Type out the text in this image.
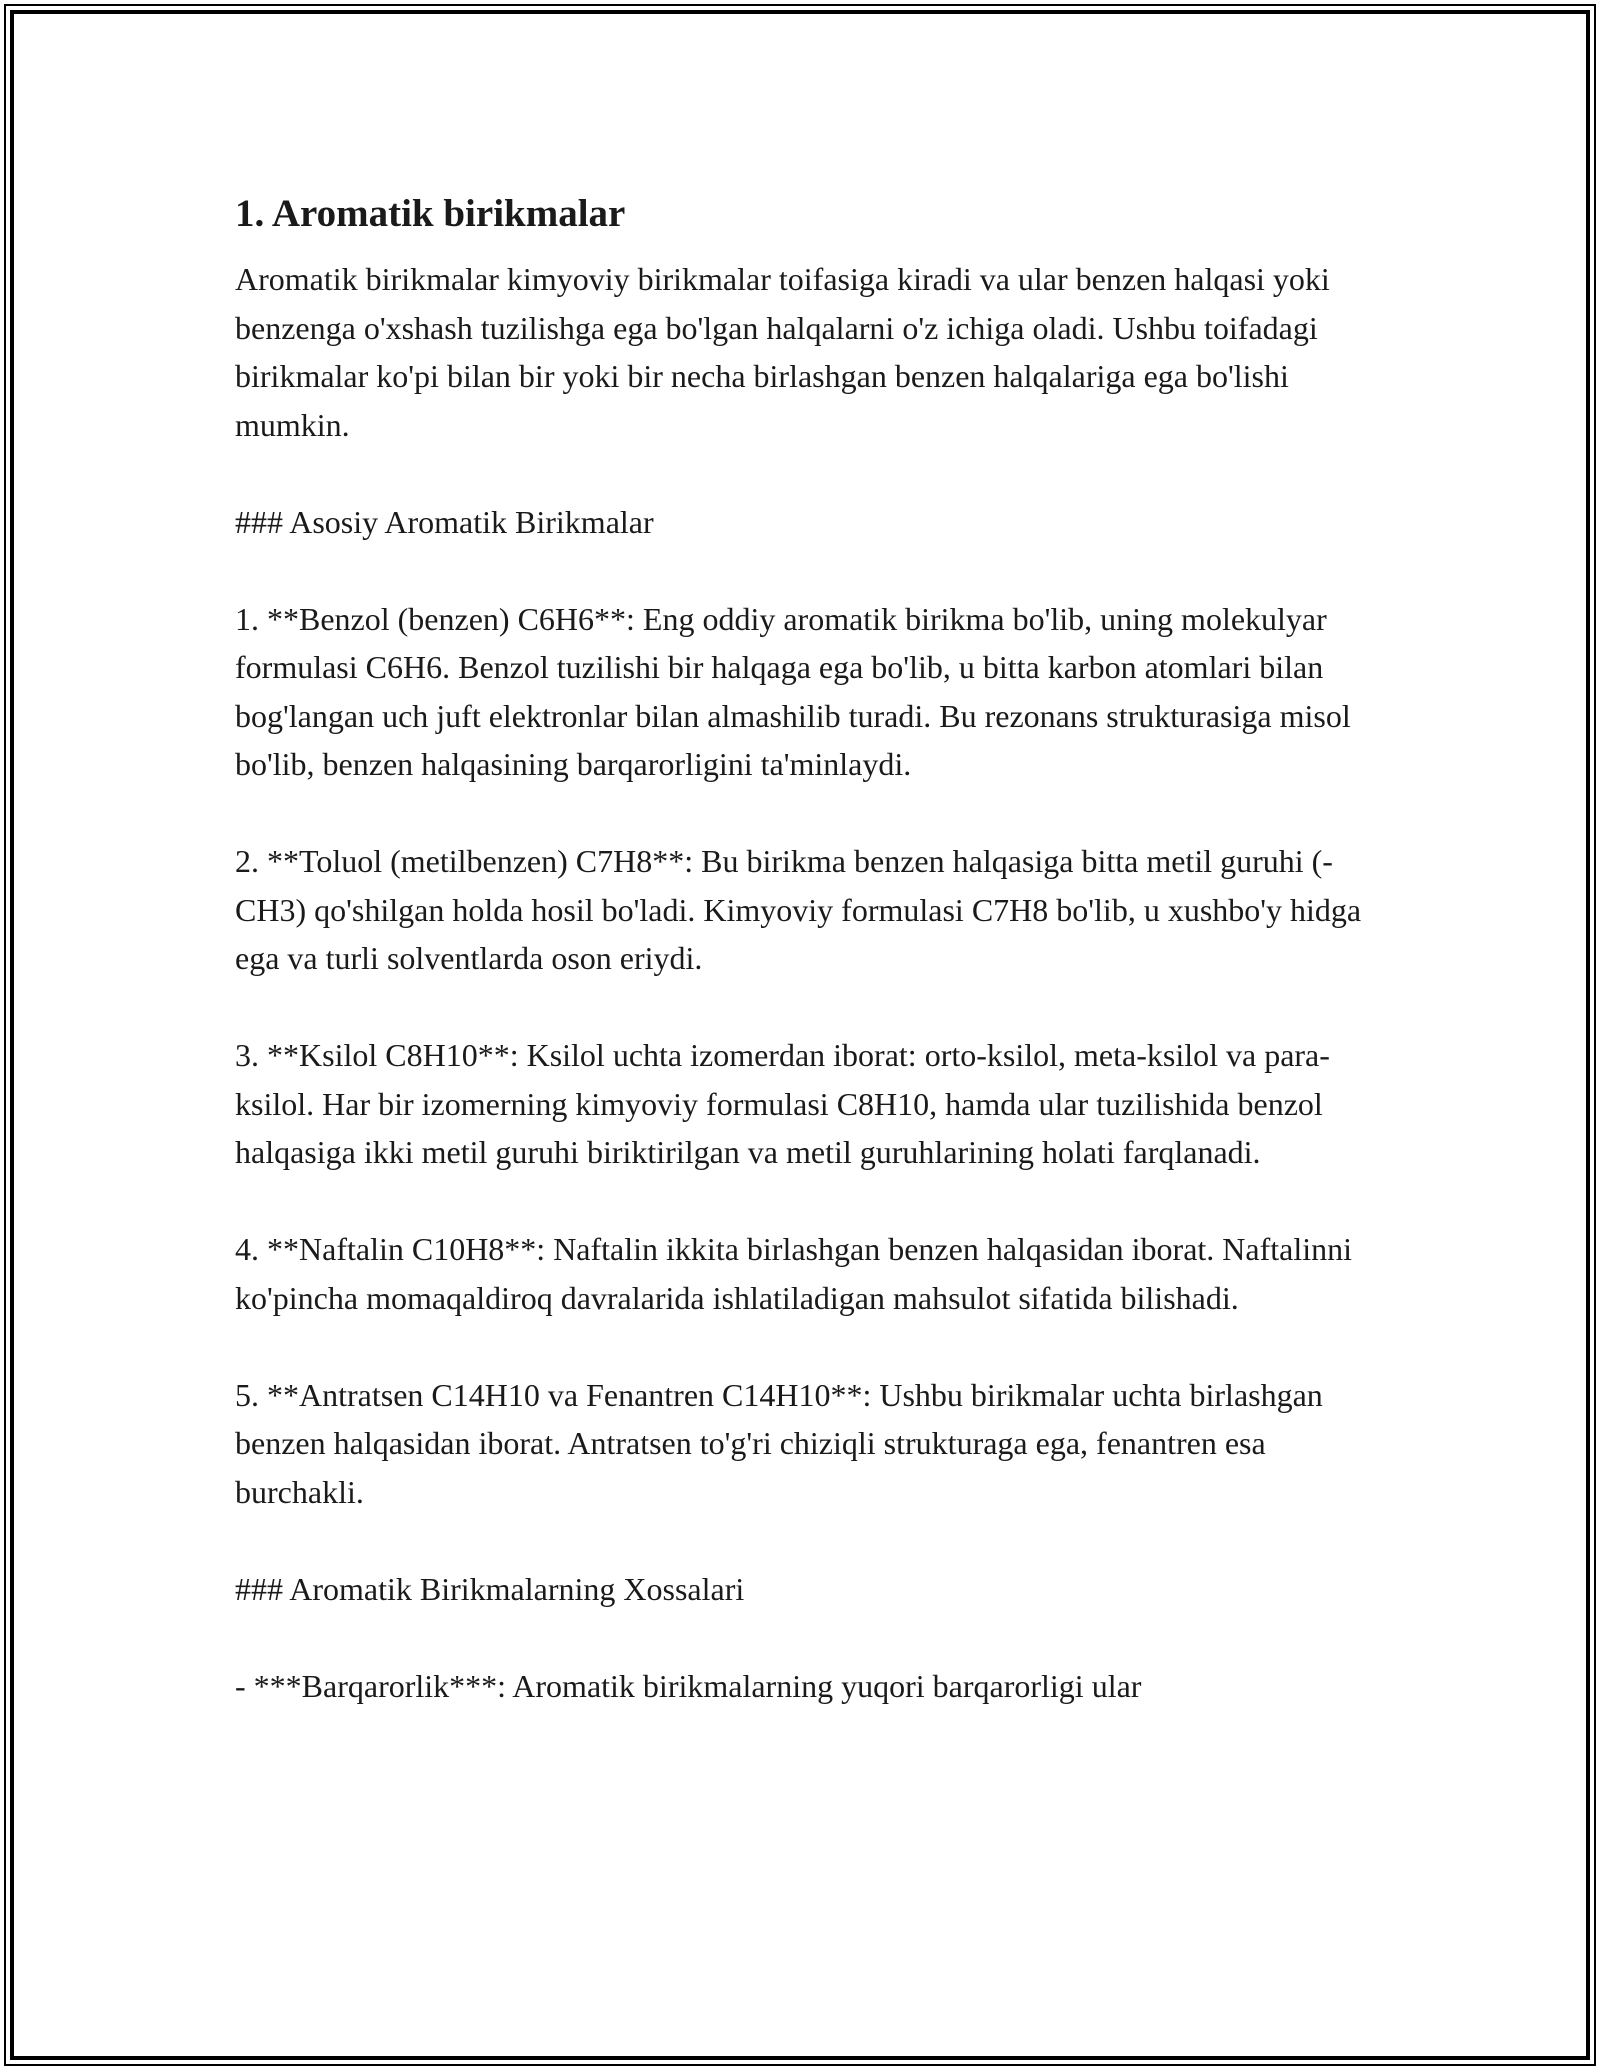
1. Aromatik birikmalar
Aromatik birikmalar kimyoviy birikmalar toifasiga kiradi va ular benzen halqasi yoki benzenga o'xshash tuzilishga ega bo'lgan halqalarni o'z ichiga oladi. Ushbu toifadagi birikmalar ko'pi bilan bir yoki bir necha birlashgan benzen halqalariga ega bo'lishi mumkin.
### Asosiy Aromatik Birikmalar
1. **Benzol (benzen) C6H6**: Eng oddiy aromatik birikma bo'lib, uning molekulyar formulasi C6H6. Benzol tuzilishi bir halqaga ega bo'lib, u bitta karbon atomlari bilan bog'langan uch juft elektronlar bilan almashilib turadi. Bu rezonans strukturasiga misol bo'lib, benzen halqasining barqarorligini ta'minlaydi.
2. **Toluol (metilbenzen) C7H8**: Bu birikma benzen halqasiga bitta metil guruhi (-CH3) qo'shilgan holda hosil bo'ladi. Kimyoviy formulasi C7H8 bo'lib, u xushbo'y hidga ega va turli solventlarda oson eriydi.
3. **Ksilol C8H10**: Ksilol uchta izomerdan iborat: orto-ksilol, meta-ksilol va para-ksilol. Har bir izomerning kimyoviy formulasi C8H10, hamda ular tuzilishida benzol halqasiga ikki metil guruhi biriktirilgan va metil guruhlarining holati farqlanadi.
4. **Naftalin C10H8**: Naftalin ikkita birlashgan benzen halqasidan iborat. Naftalinni ko'pincha momaqaldiroq davralarida ishlatiladigan mahsulot sifatida bilishadi.
5. **Antratsen C14H10 va Fenantren C14H10**: Ushbu birikmalar uchta birlashgan benzen halqasidan iborat. Antratsen to'g'ri chiziqli strukturaga ega, fenantren esa burchakli.
### Aromatik Birikmalarning Xossalari
- ***Barqarorlik***: Aromatik birikmalarning yuqori barqarorligi ular
